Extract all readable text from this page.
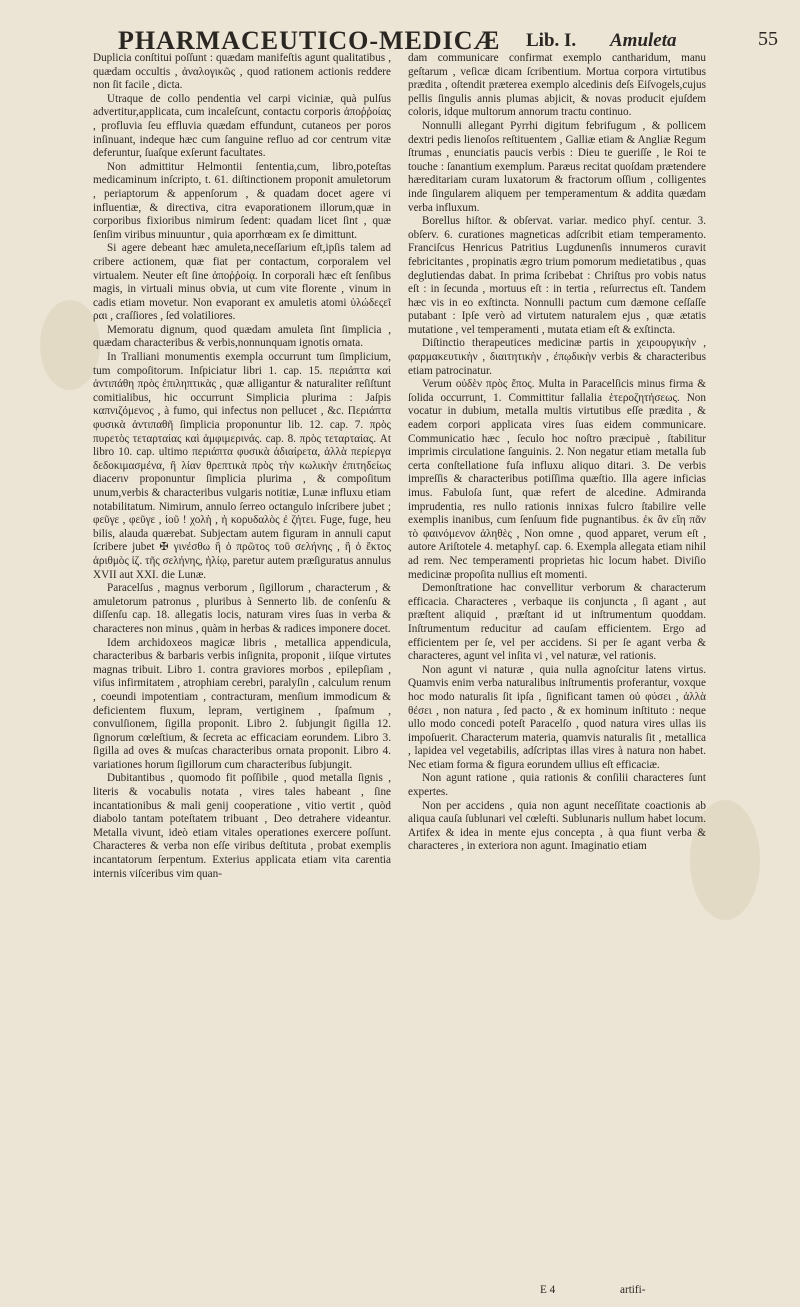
PHARMACEUTICO-MEDICÆ Lib. I. Amuleta	55

Duplicia conſtitui poſſunt : quædam manifeſtis agunt qualitatibus , quædam occultis , ἀναλογικῶς , quod rationem actionis reddere non ſit facile , dicta.

Utraque de collo pendentia vel carpi viciniæ, quà pulſus advertitur,applicata, cum incaleſcunt, contactu corporis ἀποῤῥοίας , profluvia ſeu effluvia quædam effundunt, cutaneos per poros inſinuant, indeque hæc cum ſanguine refluo ad cor centrum vitæ deferuntur, ſuaſque exſerunt facultates.

Non admittitur Helmontii ſententia,cum, libro,poteſtas medicaminum inſcripto, t. 61. diſtinctionem proponit amuletorum , periaptorum & appenſorum , & quadam docet agere vi influentiæ, & directiva, citra evaporationem illorum,quæ in corporibus fixioribus nimirum ſedent: quadam licet ſint , quæ ſenſim viribus minuuntur , quia aporrhœam ex ſe dimittunt.

Si agere debeant hæc amuleta,neceſſarium eſt,ipſis talem ad cribere actionem, quæ fiat per contactum, corporalem vel virtualem. Neuter eſt ſine ἀποῤῥοίᾳ. In corporali hæc eſt ſenſibus magis, in virtuali minus obvia, ut cum vite florente , vinum in cadis etiam movetur. Non evaporant ex amuletis atomi ὑλώδεςεῖ ραι , craſſiores , ſed volatiliores.

Memoratu dignum, quod quædam amuleta ſint ſimplicia , quædam characteribus & verbis,nonnunquam ignotis ornata.

In Tralliani monumentis exempla occurrunt tum ſimplicium, tum compoſitorum. Inſpiciatur libri 1. cap. 15. περιάπτα καὶ ἀντιπάθη πρὸς ἐπιληπτικὰς , quæ alligantur & naturaliter reſiſtunt comitialibus, hic occurrunt Simplicia plurima : Jaſpis καπνιζόμενος , à fumo, qui infectus non pellucet , &c. Περιάπτα φυσικὰ ἀντιπαθῆ ſimplicia proponuntur lib. 12. cap. 7. πρὸς πυρετὸς τεταρταίας καὶ ἀμφιμερινάς. cap. 8. πρὸς τεταρταίας. At libro 10. cap. ultimo περιάπτα φυσικὰ ἀδιαίρετα, ἀλλὰ περίεργα δεδοκιμασμένα, ἢ λίαν θρεπτικὰ πρὸς τὴν κωλικὴν ἐπιτηδείως diacerιν proponuntur ſimplicia plurima , & compoſitum unum,verbis & characteribus vulgaris notitiæ, Lunæ influxu etiam notabilitatum. Nimirum, annulo ſerreo octangulo inſcribere jubet ; φεῦγε , φεῦγε , ἰοῦ ! χολὴ , ἡ κορυδαλὸς ἐ ζήτει. Fuge, fuge, heu bilis, alauda quærebat. Subjectam autem figuram in annuli caput ſcribere jubet ✠ γινέσθω ἢ ὁ πρῶτος τοῦ σελήνης , ἢ ὁ ἕκτος ἀριθμὸς ἰζ. τῆς σελήνης, ἡλίῳ, paretur autem præſiguratus annulus XVII aut XXI. die Lunæ.

Paracelſus , magnus verborum , ſigillorum , characterum , & amuletorum patronus , pluribus à Sennerto lib. de conſenſu & diſſenſu cap. 18. allegatis locis, naturam vires ſuas in verba & characteres non minus , quàm in herbas & radices imponere docet.

Idem archidoxeos magicæ libris , metallica appendicula, characteribus & barbaris verbis inſignita, proponit , iiſque virtutes magnas tribuit. Libro 1. contra graviores morbos , epilepſiam , viſus infirmitatem , atrophiam cerebri, paralyſin , calculum renum , coeundi impotentiam , contracturam, menſium immodicum & deficientem fluxum, lepram, vertiginem , ſpaſmum , convulſionem, ſigilla proponit. Libro 2. ſubjungit ſigilla 12. ſignorum cœleſtium, & ſecreta ac efficaciam eorundem. Libro 3. ſigilla ad oves & muſcas characteribus ornata proponit. Libro 4. variationes horum ſigillorum cum characteribus ſubjungit.

Dubitantibus , quomodo fit poſſibile , quod metalla ſignis , literis & vocabulis notata , vires tales habeant , ſine incantationibus & mali genij cooperatione , vitio vertit , quòd diabolo tantam poteſtatem tribuant , Deo detrahere videantur. Metalla vivunt, ideò etiam vitales operationes exercere poſſunt. Characteres & verba non eſſe viribus deſtituta , probat exemplis incantatorum ſerpentum. Exterius applicata etiam vita carentia internis viſceribus vim quan-

dam communicare confirmat exemplo cantharidum, manu geſtarum , veſicæ dicam ſcribentium. Mortua corpora virtutibus prædita , oſtendit præterea exemplo alcedinis deſs Eiſvogels,cujus pellis ſingulis annis plumas abjicit, & novas producit ejuſdem coloris, idque multorum annorum tractu continuo.

Nonnulli allegant Pyrrhi digitum febrifugum , & pollicem dextri pedis lienoſos reſtituentem , Galliæ etiam & Angliæ Regum ſtrumas , enunciatis paucis verbis : Dieu te gueriſſe , le Roi te touche : ſanantium exemplum. Paræus recitat quoſdam prætendere hæreditariam curam luxatorum & fractorum oſſium , colligentes inde ſingularem aliquem per temperamentum & addita quædam verba influxum.

Borellus hiſtor. & obſervat. variar. medico phyſ. centur. 3. obſerv. 6. curationes magneticas adſcribit etiam temperamento. Franciſcus Henricus Patritius Lugdunenſis innumeros curavit febricitantes , propinatis ægro trium pomorum medietatibus , quas deglutiendas dabat. In prima ſcribebat : Chriſtus pro vobis natus eſt : in ſecunda , mortuus eſt : in tertia , reſurrectus eſt. Tandem hæc vis in eo exſtincta. Nonnulli pactum cum dæmone ceſſaſſe putabant : Ipſe verò ad virtutem naturalem ejus , quæ ætatis mutatione , vel temperamenti , mutata etiam eſt & exſtincta.

Diſtinctio therapeutices medicinæ partis in χειρουργικὴν , φαρμακευτικὴν , διαιτητικὴν , ἐπῳδικὴν verbis & characteribus etiam patrocinatur.

Verum οὐδὲν πρὸς ἔπος. Multa in Paracelſicis minus firma & ſolida occurrunt, 1. Committitur fallalia ἑτεροζητήσεως. Non vocatur in dubium, metalla multis virtutibus eſſe prædita , & eadem corpori applicata vires ſuas eidem communicare. Communicatio hæc , ſeculo hoc noſtro præcipuè , ſtabilitur imprimis circulatione ſanguinis. 2. Non negatur etiam metalla ſub certa conſtellatione fuſa influxu aliquo ditari. 3. De verbis impreſſis & characteribus potiſſima quæſtio. Illa agere inficias imus. Fabuloſa ſunt, quæ refert de alcedine. Admiranda imprudentia, res nullo rationis innixas fulcro ſtabilire velle exemplis inanibus, cum ſenſuum fide pugnantibus. ἐκ ἂν εἴη πᾶν τὸ φαινόμενον ἀληθὲς , Non omne , quod apparet, verum eſt , autore Ariſtotele 4. metaphyſ. cap. 6. Exempla allegata etiam nihil ad rem. Nec temperamenti proprietas hic locum habet. Diviſio medicinæ propoſita nullius eſt momenti.

Demonſtratione hac convellitur verborum & characterum efficacia. Characteres , verbaque iis conjuncta , ſi agant , aut præſtent aliquid , præſtant id ut inſtrumentum quoddam. Inſtrumentum reducitur ad cauſam efficientem. Ergo ad efficientem per ſe, vel per accidens. Si per ſe agant verba & characteres, agunt vel inſita vi , vel naturæ, vel rationis.

Non agunt vi naturæ , quia nulla agnoſcitur latens virtus. Quamvis enim verba naturalibus inſtrumentis proferantur, voxque hoc modo naturalis ſit ipſa , ſignificant tamen οὐ φύσει , ἀλλὰ θέσει , non natura , ſed pacto , & ex hominum inſtituto : neque ullo modo concedi poteſt Paracelſo , quod natura vires ullas iis impoſuerit. Characterum materia, quamvis naturalis ſit , metallica , lapidea vel vegetabilis, adſcriptas illas vires à natura non habet. Nec etiam forma & figura eorundem ullius eſt efficaciæ.

Non agunt ratione , quia rationis & conſilii characteres ſunt expertes.

Non per accidens , quia non agunt neceſſitate coactionis ab aliqua cauſa ſublunari vel cœleſti. Sublunaris nullum habet locum. Artifex & idea in mente ejus concepta , à qua fiunt verba & characteres , in exteriora non agunt. Imaginatio etiam

E 4	artifi-
